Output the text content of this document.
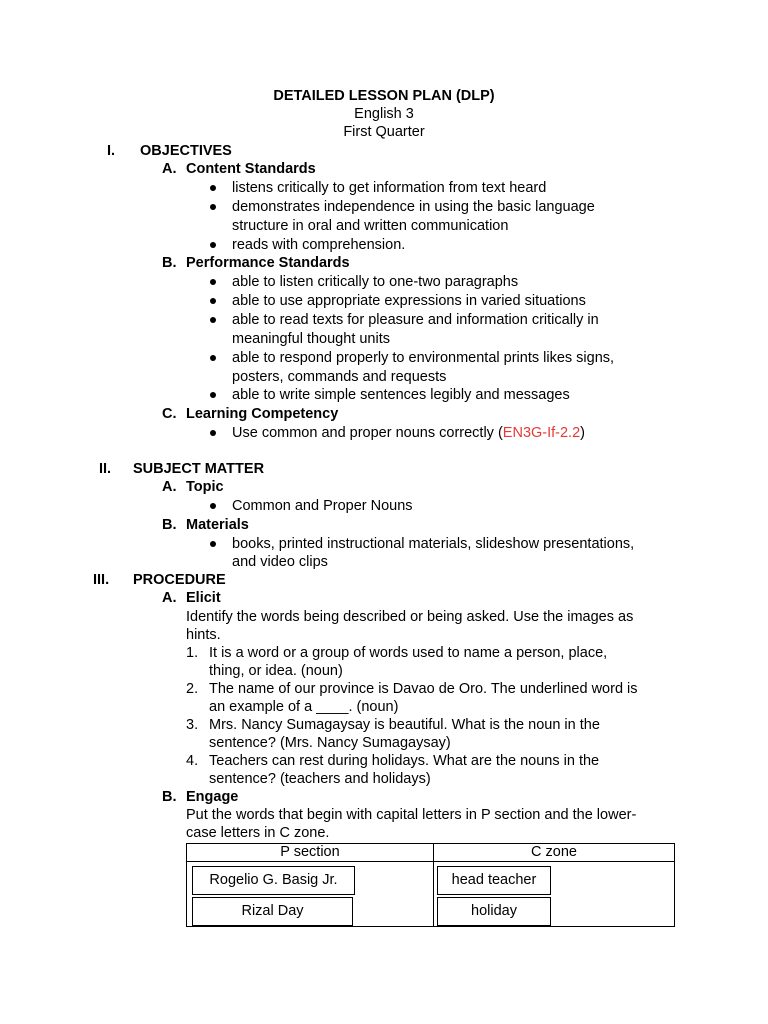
DETAILED LESSON PLAN (DLP)
English 3
First Quarter
I. OBJECTIVES
A. Content Standards
listens critically to get information from text heard
demonstrates independence in using the basic language
structure in oral and written communication
reads with comprehension.
B. Performance Standards
able to listen critically to one-two paragraphs
able to use appropriate expressions in varied situations
able to read texts for pleasure and information critically in
meaningful thought units
able to respond properly to environmental prints likes signs,
posters, commands and requests
able to write simple sentences legibly and messages
C. Learning Competency
Use common and proper nouns correctly (EN3G-If-2.2)
II. SUBJECT MATTER
A. Topic
Common and Proper Nouns
B. Materials
books, printed instructional materials, slideshow presentations,
and video clips
III. PROCEDURE
A. Elicit
Identify the words being described or being asked. Use the images as
hints.
1. It is a word or a group of words used to name a person, place,
thing, or idea. (noun)
2. The name of our province is Davao de Oro. The underlined word is
an example of a ____. (noun)
3. Mrs. Nancy Sumagaysay is beautiful. What is the noun in the
sentence? (Mrs. Nancy Sumagaysay)
4. Teachers can rest during holidays. What are the nouns in the
sentence? (teachers and holidays)
B. Engage
Put the words that begin with capital letters in P section and the lower-
case letters in C zone.
P section	C zone
Rogelio G. Basig Jr.
Rizal Day
head teacher
holiday
